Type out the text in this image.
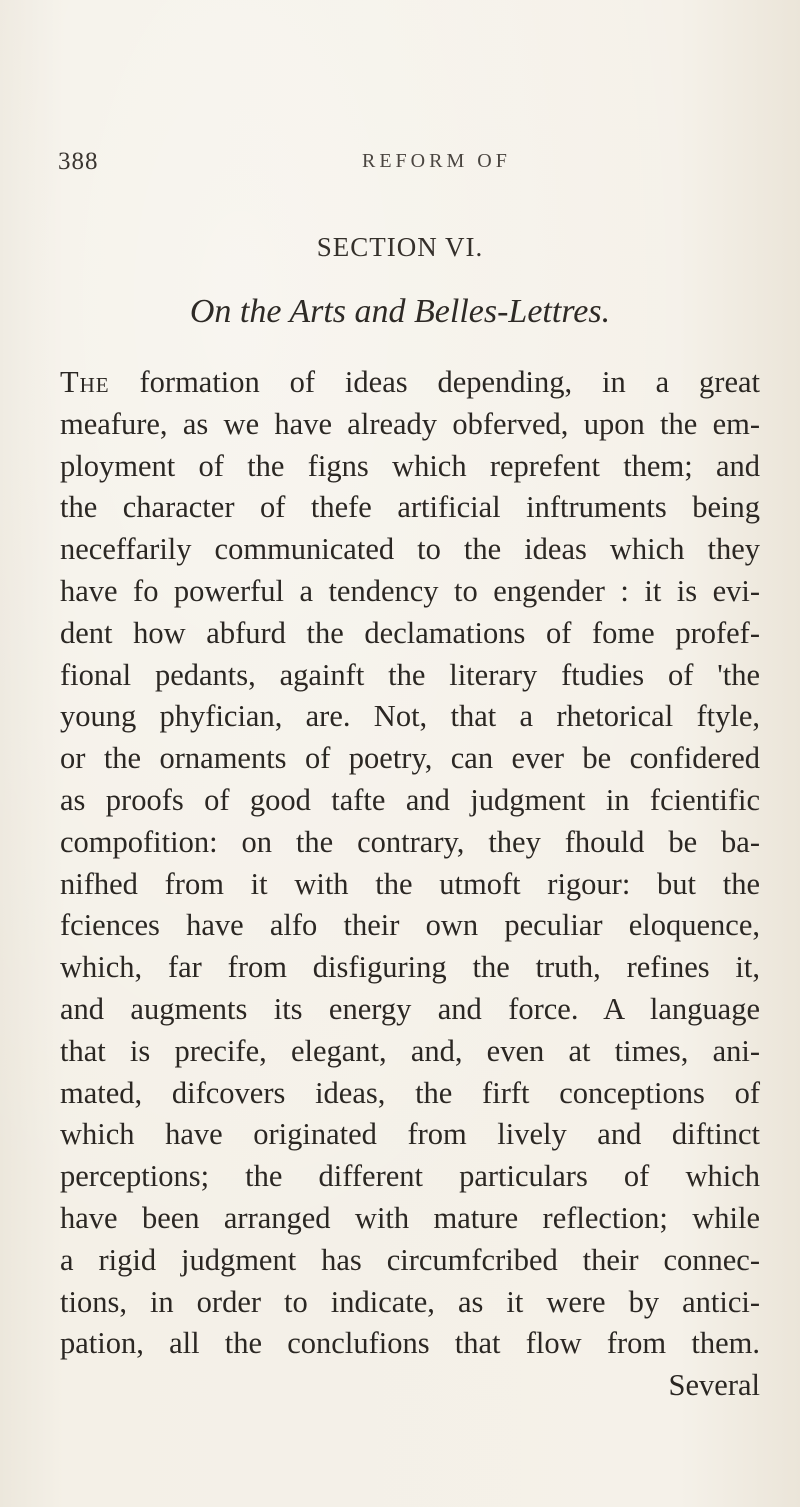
388	REFORM OF
SECTION VI.
On the Arts and Belles-Lettres.
The formation of ideas depending, in a great
meafure, as we have already obferved, upon the em-
ployment of the figns which reprefent them; and
the character of thefe artificial inftruments being
neceffarily communicated to the ideas which they
have fo powerful a tendency to engender : it is evi-
dent how abfurd the declamations of fome profef-
fional pedants, againft the literary ftudies of 'the
young phyfician, are. Not, that a rhetorical ftyle,
or the ornaments of poetry, can ever be confidered
as proofs of good tafte and judgment in fcientific
compofition: on the contrary, they fhould be ba-
nifhed from it with the utmoft rigour: but the
fciences have alfo their own peculiar eloquence,
which, far from disfiguring the truth, refines it,
and augments its energy and force. A language
that is precife, elegant, and, even at times, ani-
mated, difcovers ideas, the firft conceptions of
which have originated from lively and diftinct
perceptions; the different particulars of which
have been arranged with mature reflection; while
a rigid judgment has circumfcribed their connec-
tions, in order to indicate, as it were by antici-
pation, all the conclufions that flow from them.
Several
